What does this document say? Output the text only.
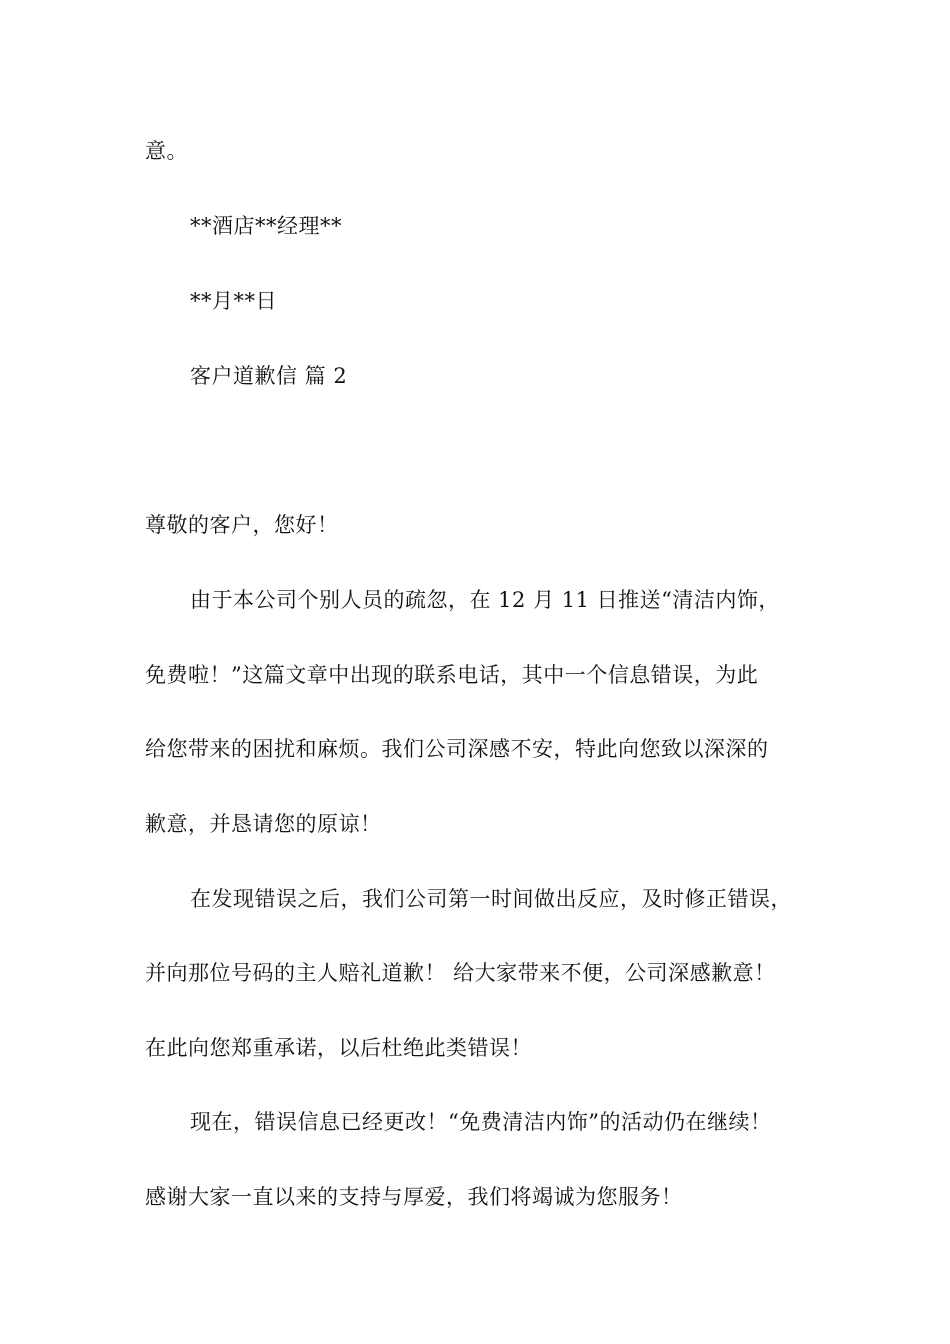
意。
**酒店**经理**
**月**日
客户道歉信 篇 2
尊敬的客户，您好！
由于本公司个别人员的疏忽，在 12 月 11 日推送“清洁内饰，
免费啦！”这篇文章中出现的联系电话，其中一个信息错误，为此
给您带来的困扰和麻烦。我们公司深感不安，特此向您致以深深的
歉意，并恳请您的原谅！
在发现错误之后，我们公司第一时间做出反应，及时修正错误，
并向那位号码的主人赔礼道歉！ 给大家带来不便，公司深感歉意！
在此向您郑重承诺，以后杜绝此类错误！
现在，错误信息已经更改！“免费清洁内饰”的活动仍在继续！
感谢大家一直以来的支持与厚爱，我们将竭诚为您服务！
